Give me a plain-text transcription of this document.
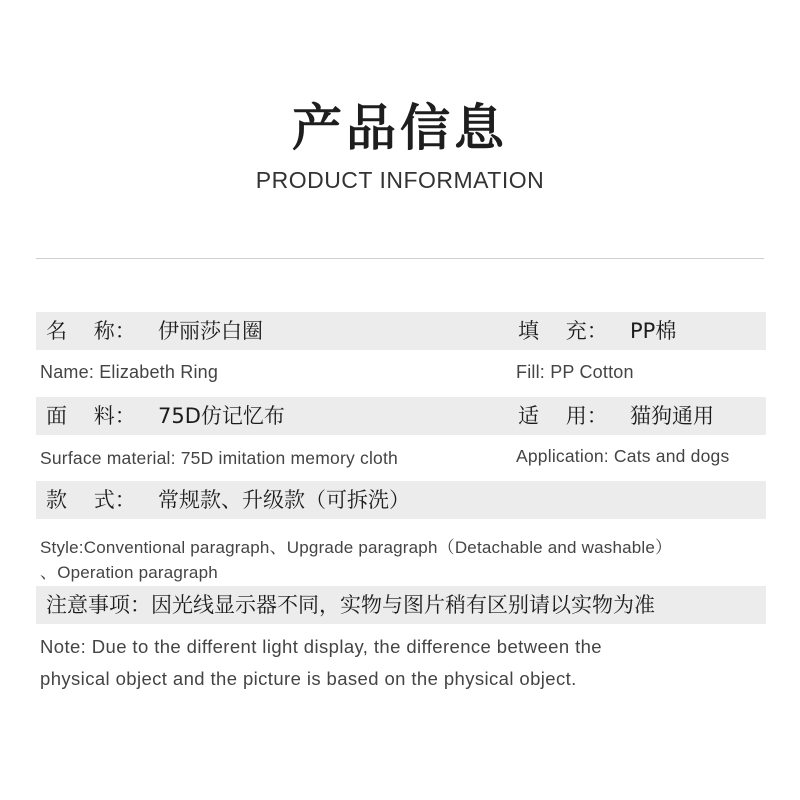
产品信息
PRODUCT INFORMATION
名    称： 伊丽莎白圈	填    充： PP棉
Name: Elizabeth Ring	Fill: PP Cotton
面    料： 75D仿记忆布	适    用： 猫狗通用
Surface material: 75D imitation memory cloth	Application: Cats and dogs
款    式： 常规款、升级款（可拆洗）
Style:Conventional paragraph、Upgrade paragraph（Detachable and washable）
、Operation paragraph
注意事项：因光线显示器不同，实物与图片稍有区别请以实物为准
Note: Due to the different light display, the difference between the
physical object and the picture is based on the physical object.
